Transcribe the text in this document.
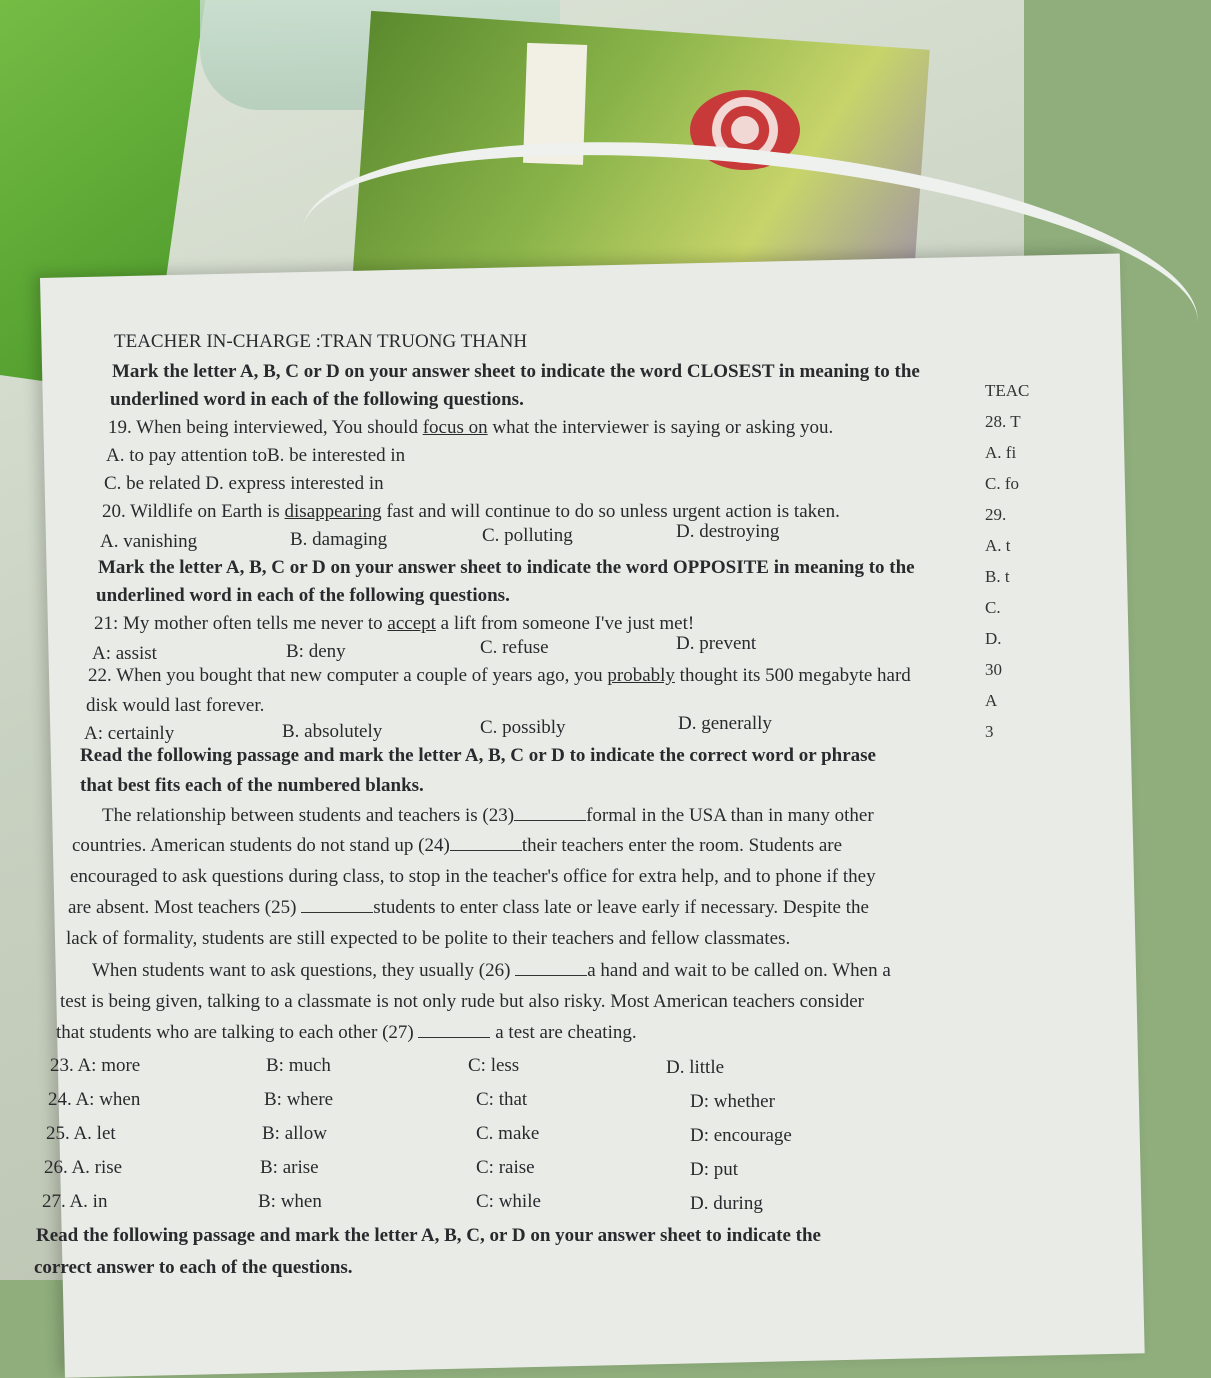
TEACHER IN-CHARGE :TRAN TRUONG THANH
Mark the letter A, B, C or D on your answer sheet to indicate the word CLOSEST in meaning to the
underlined word in each of the following questions.
19. When being interviewed, You should focus on what the interviewer is saying or asking you.
A. to pay attention toB. be interested in
C. be related D. express interested in
20. Wildlife on Earth is disappearing fast and will continue to do so unless urgent action is taken.
A. vanishing	B. damaging	C. polluting	D. destroying
Mark the letter A, B, C or D on your answer sheet to indicate the word OPPOSITE in meaning to the
underlined word in each of the following questions.
21: My mother often tells me never to accept a lift from someone I've just met!
A: assist	B: deny	C. refuse	D. prevent
22. When you bought that new computer a couple of years ago, you probably thought its 500 megabyte hard
disk would last forever.
A: certainly	B. absolutely	C. possibly	D. generally
Read the following passage and mark the letter A, B, C or D to indicate the correct word or phrase
that best fits each of the numbered blanks.
The relationship between students and teachers is (23)	formal in the USA than in many other
countries. American students do not stand up (24)	their teachers enter the room. Students are
encouraged to ask questions during class, to stop in the teacher's office for extra help, and to phone if they
are absent. Most teachers (25)	students to enter class late or leave early if necessary. Despite the
lack of formality, students are still expected to be polite to their teachers and fellow classmates.
When students want to ask questions, they usually (26)	a hand and wait to be called on. When a
test is being given, talking to a classmate is not only rude but also risky. Most American teachers consider
that students who are talking to each other (27)	a test are cheating.
23. A: more	B: much	C: less	D. little
24. A: when	B: where	C: that	D: whether
25. A. let	B: allow	C. make	D: encourage
26. A. rise	B: arise	C: raise	D: put
27. A. in	B: when	C: while	D. during
Read the following passage and mark the letter A, B, C, or D on your answer sheet to indicate the
correct answer to each of the questions.
TEAC
28. T
A. fi
C. fo
29.
A. t
B. t
C.
D.
30
A
3
